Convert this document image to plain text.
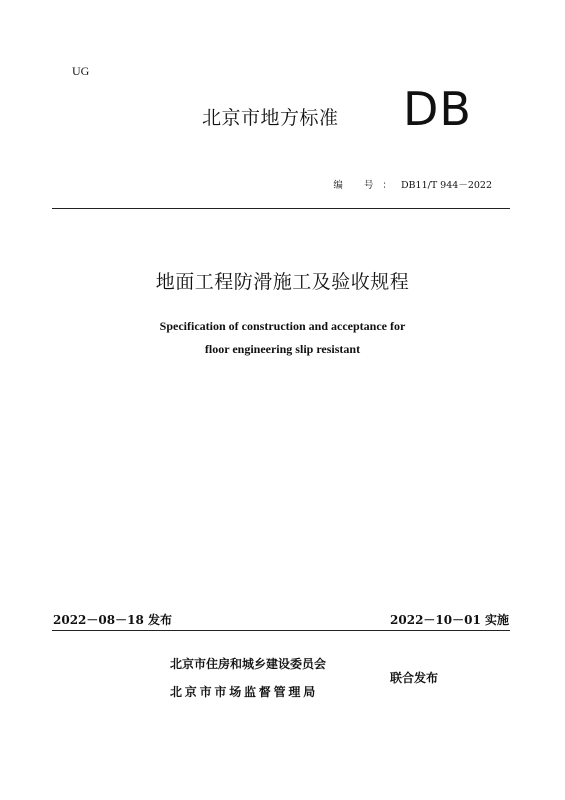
UG
北京市地方标准 DB
编 号：DB11/T 944－2022
地面工程防滑施工及验收规程
Specification of construction and acceptance for
floor engineering slip resistant
2022－08－18 发布	2022－10－01 实施
北京市住房和城乡建设委员会
北京市市场监督管理局
联合发布
